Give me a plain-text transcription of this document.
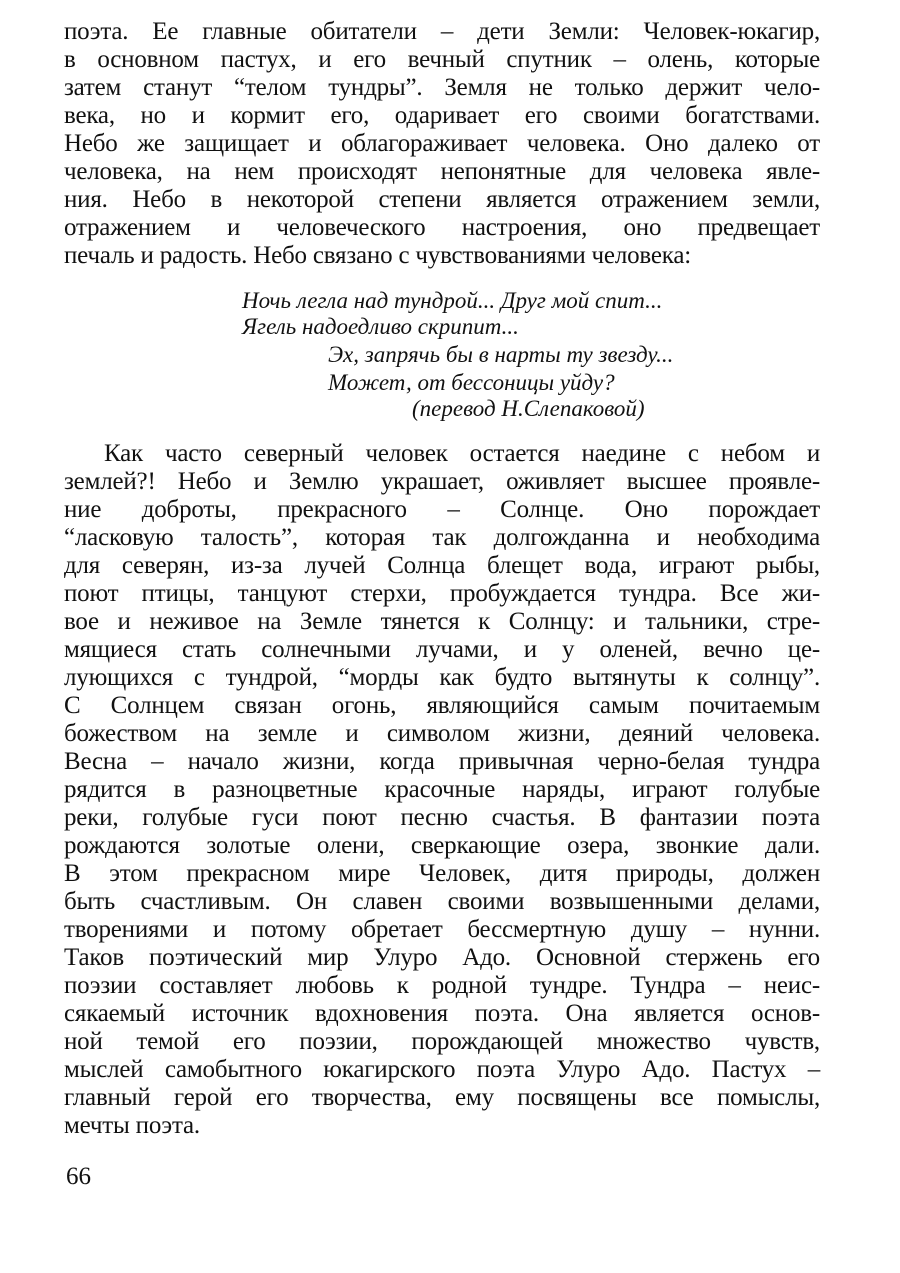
поэта. Ее главные обитатели – дети Земли: Человек-юкагир,
в основном пастух, и его вечный спутник – олень, которые
затем станут “телом тундры”. Земля не только держит чело-
века, но и кормит его, одаривает его своими богатствами.
Небо же защищает и облагораживает человека. Оно далеко от
человека, на нем происходят непонятные для человека явле-
ния. Небо в некоторой степени является отражением земли,
отражением и человеческого настроения, оно предвещает
печаль и радость. Небо связано с чувствованиями человека:
Ночь легла над тундрой... Друг мой спит...
Ягель надоедливо скрипит...
Эх, запрячь бы в нарты ту звезду...
Может, от бессоницы уйду?
(перевод Н.Слепаковой)
Как часто северный человек остается наедине с небом и
землей?! Небо и Землю украшает, оживляет высшее проявле-
ние доброты, прекрасного – Солнце. Оно порождает
“ласковую талость”, которая так долгожданна и необходима
для северян, из-за лучей Солнца блещет вода, играют рыбы,
поют птицы, танцуют стерхи, пробуждается тундра. Все жи-
вое и неживое на Земле тянется к Солнцу: и тальники, стре-
мящиеся стать солнечными лучами, и у оленей, вечно це-
лующихся с тундрой, “морды как будто вытянуты к солнцу”.
С Солнцем связан огонь, являющийся самым почитаемым
божеством на земле и символом жизни, деяний человека.
Весна – начало жизни, когда привычная черно-белая тундра
рядится в разноцветные красочные наряды, играют голубые
реки, голубые гуси поют песню счастья. В фантазии поэта
рождаются золотые олени, сверкающие озера, звонкие дали.
В этом прекрасном мире Человек, дитя природы, должен
быть счастливым. Он славен своими возвышенными делами,
творениями и потому обретает бессмертную душу – нунни.
Таков поэтический мир Улуро Адо. Основной стержень его
поэзии составляет любовь к родной тундре. Тундра – неис-
сякаемый источник вдохновения поэта. Она является основ-
ной темой его поэзии, порождающей множество чувств,
мыслей самобытного юкагирского поэта Улуро Адо. Пастух –
главный герой его творчества, ему посвящены все помыслы,
мечты поэта.
66
